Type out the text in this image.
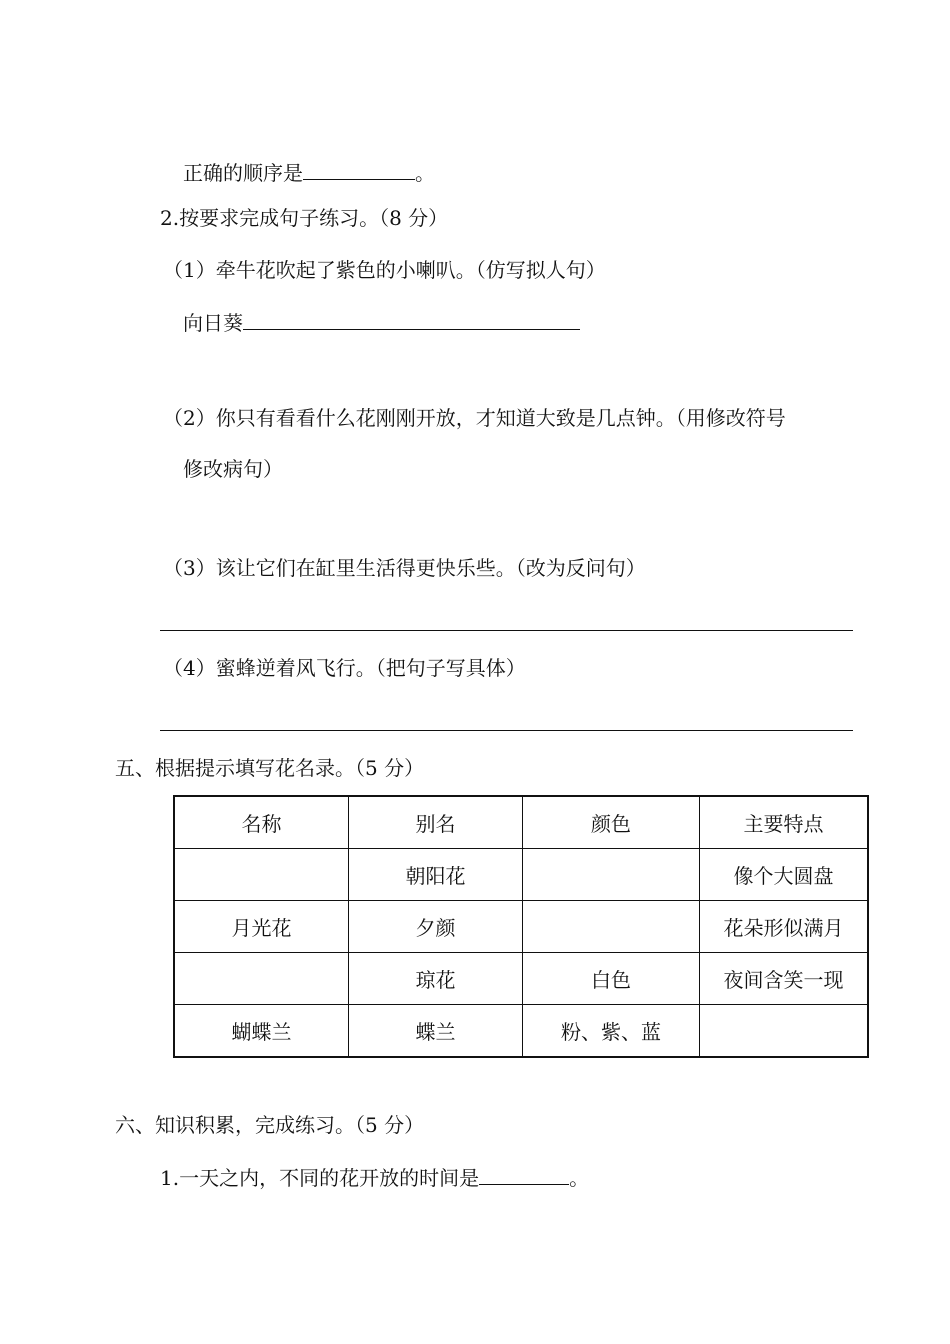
正确的顺序是	。
2.按要求完成句子练习。（8 分）
（1）牵牛花吹起了紫色的小喇叭。（仿写拟人句）
向日葵
（2）你只有看看什么花刚刚开放，才知道大致是几点钟。（用修改符号
修改病句）
（3）该让它们在缸里生活得更快乐些。（改为反问句）
（4）蜜蜂逆着风飞行。（把句子写具体）
五、根据提示填写花名录。（5 分）
名称	别名	颜色	主要特点
	朝阳花		像个大圆盘
月光花	夕颜		花朵形似满月
	琼花	白色	夜间含笑一现
蝴蝶兰	蝶兰	粉、紫、蓝	
六、知识积累，完成练习。（5 分）
1.一天之内，不同的花开放的时间是	。
